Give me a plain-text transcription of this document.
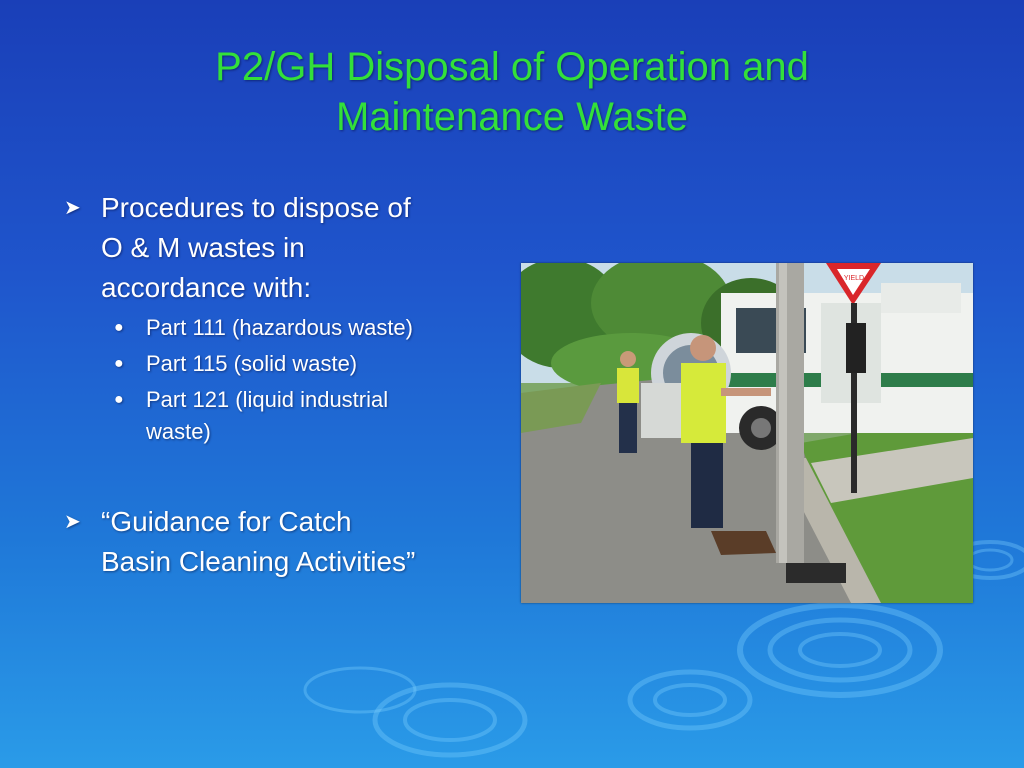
P2/GH Disposal of Operation and
Maintenance Waste
➤ Procedures to dispose of
O & M wastes in
accordance with:
● Part 111 (hazardous waste)
● Part 115 (solid waste)
● Part 121 (liquid industrial
waste)
➤ “Guidance for Catch
Basin Cleaning Activities”
YIELD
